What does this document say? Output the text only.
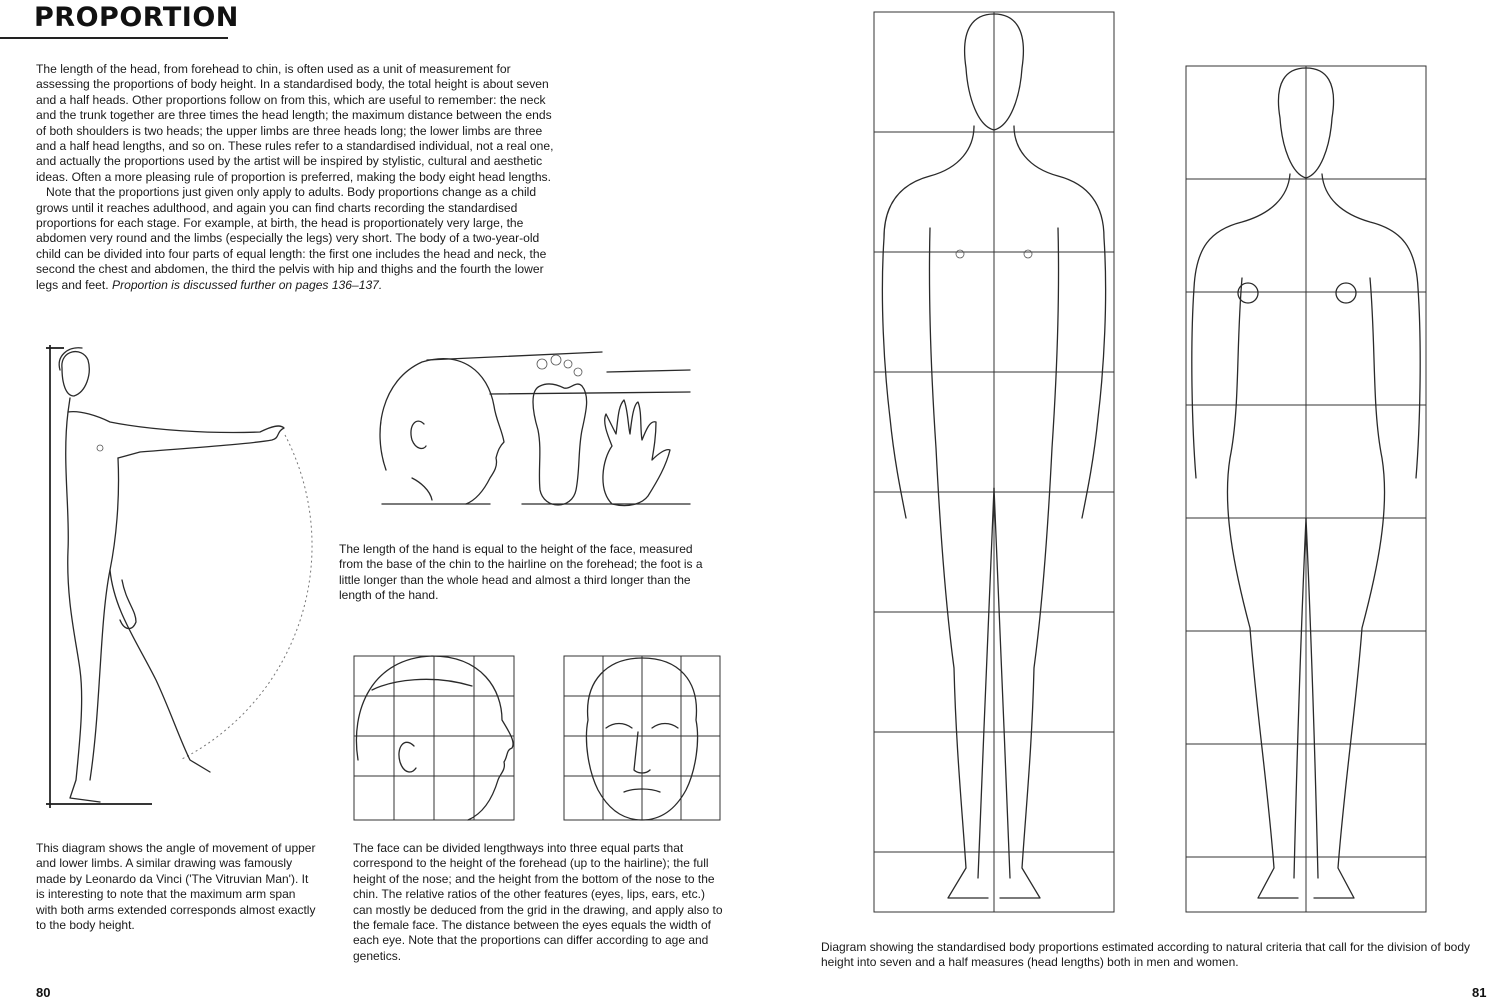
PROPORTION

The length of the head, from forehead to chin, is often used as a unit of measurement for assessing the proportions of body height. In a standardised body, the total height is about seven and a half heads. Other proportions follow on from this, which are useful to remember: the neck and the trunk together are three times the head length; the maximum distance between the ends of both shoulders is two heads; the upper limbs are three heads long; the lower limbs are three and a half head lengths, and so on. These rules refer to a standardised individual, not a real one, and actually the proportions used by the artist will be inspired by stylistic, cultural and aesthetic ideas. Often a more pleasing rule of proportion is preferred, making the body eight head lengths.

Note that the proportions just given only apply to adults. Body proportions change as a child grows until it reaches adulthood, and again you can find charts recording the standardised proportions for each stage. For example, at birth, the head is proportionately very large, the abdomen very round and the limbs (especially the legs) very short. The body of a two-year-old child can be divided into four parts of equal length: the first one includes the head and neck, the second the chest and abdomen, the third the pelvis with hip and thighs and the fourth the lower legs and feet. Proportion is discussed further on pages 136–137.

The length of the hand is equal to the height of the face, measured from the base of the chin to the hairline on the forehead; the foot is a little longer than the whole head and almost a third longer than the length of the hand.
This diagram shows the angle of movement of upper and lower limbs. A similar drawing was famously made by Leonardo da Vinci ('The Vitruvian Man'). It is interesting to note that the maximum arm span with both arms extended corresponds almost exactly to the body height.
The face can be divided lengthways into three equal parts that correspond to the height of the forehead (up to the hairline); the full height of the nose; and the height from the bottom of the nose to the chin. The relative ratios of the other features (eyes, lips, ears, etc.) can mostly be deduced from the grid in the drawing, and apply also to the female face. The distance between the eyes equals the width of each eye. Note that the proportions can differ according to age and genetics.
Diagram showing the standardised body proportions estimated according to natural criteria that call for the division of body height into seven and a half measures (head lengths) both in men and women.
80	81
